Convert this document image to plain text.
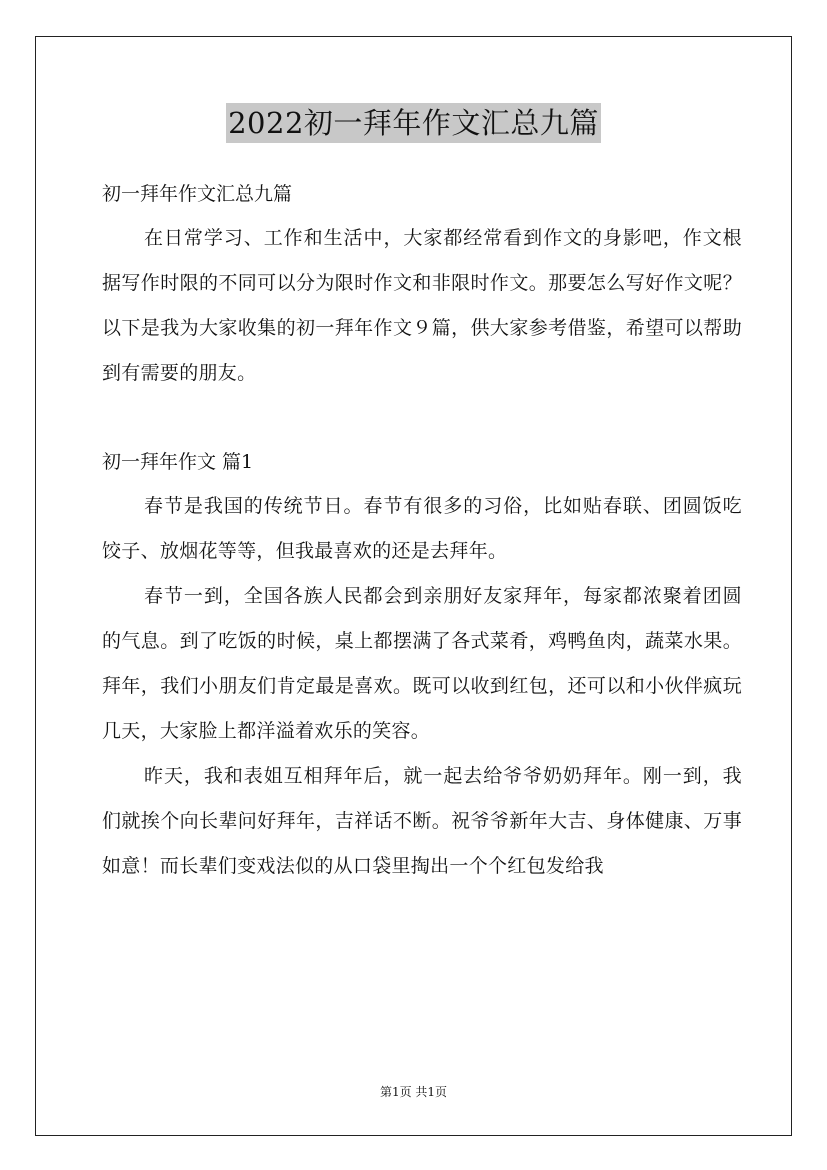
2022初一拜年作文汇总九篇

初一拜年作文汇总九篇

在日常学习、工作和生活中，大家都经常看到作文的身影吧，作文根据写作时限的不同可以分为限时作文和非限时作文。那要怎么写好作文呢？以下是我为大家收集的初一拜年作文９篇，供大家参考借鉴，希望可以帮助到有需要的朋友。

初一拜年作文 篇1

春节是我国的传统节日。春节有很多的习俗，比如贴春联、团圆饭吃饺子、放烟花等等，但我最喜欢的还是去拜年。

春节一到，全国各族人民都会到亲朋好友家拜年，每家都浓聚着团圆的气息。到了吃饭的时候，桌上都摆满了各式菜肴，鸡鸭鱼肉，蔬菜水果。拜年，我们小朋友们肯定最是喜欢。既可以收到红包，还可以和小伙伴疯玩几天，大家脸上都洋溢着欢乐的笑容。

昨天，我和表姐互相拜年后，就一起去给爷爷奶奶拜年。刚一到，我们就挨个向长辈问好拜年，吉祥话不断。祝爷爷新年大吉、身体健康、万事如意！而长辈们变戏法似的从口袋里掏出一个个红包发给我

第1页 共1页
